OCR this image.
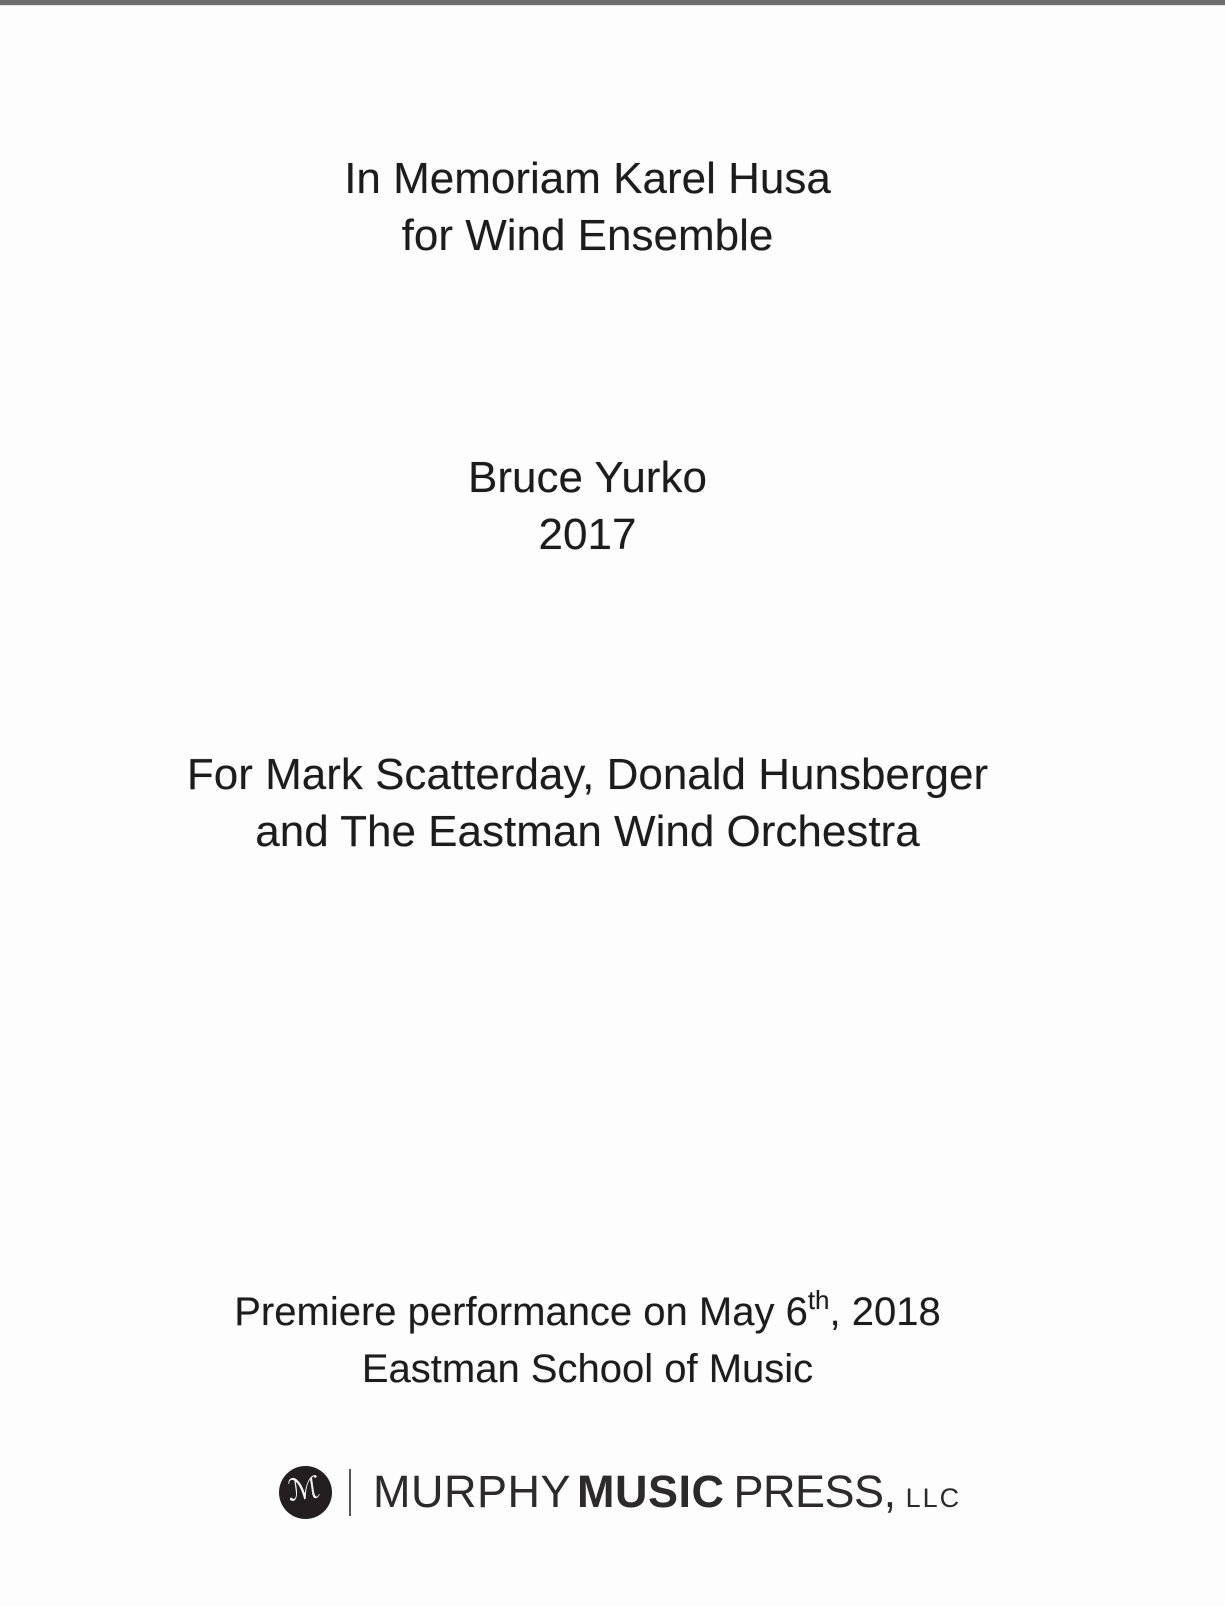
In Memoriam Karel Husa
for Wind Ensemble
Bruce Yurko
2017
For Mark Scatterday, Donald Hunsberger
and The Eastman Wind Orchestra
Premiere performance on May 6th, 2018
Eastman School of Music
ℳ MURPHY MUSIC PRESS, LLC
